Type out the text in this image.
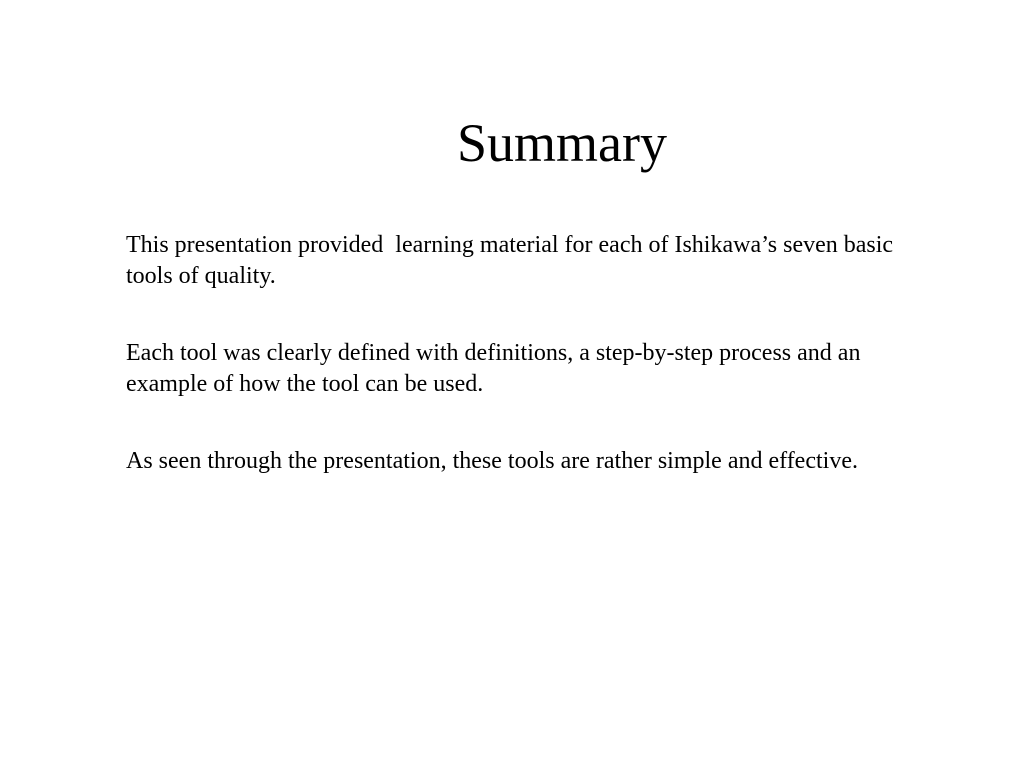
Summary

This presentation provided  learning material for each of Ishikawa’s seven basic tools of quality.

Each tool was clearly defined with definitions, a step-by-step process and an example of how the tool can be used.

As seen through the presentation, these tools are rather simple and effective.
